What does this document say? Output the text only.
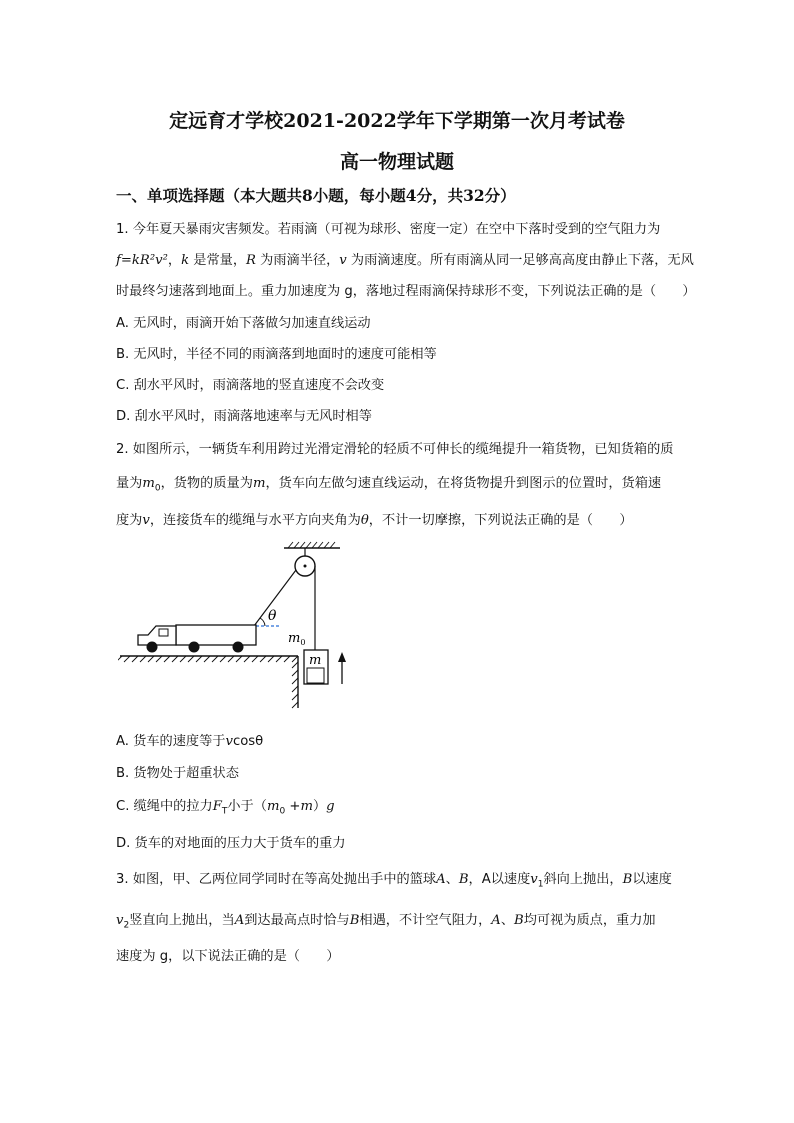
定远育才学校2021-2022学年下学期第一次月考试卷
高一物理试题
一、单项选择题（本大题共8小题，每小题4分，共32分）
1. 今年夏天暴雨灾害频发。若雨滴（可视为球形、密度一定）在空中下落时受到的空气阻力为
f=kR²v²，k 是常量，R 为雨滴半径，v 为雨滴速度。所有雨滴从同一足够高高度由静止下落，无风
时最终匀速落到地面上。重力加速度为 g，落地过程雨滴保持球形不变，下列说法正确的是（　　）
A. 无风时，雨滴开始下落做匀加速直线运动
B. 无风时，半径不同的雨滴落到地面时的速度可能相等
C. 刮水平风时，雨滴落地的竖直速度不会改变
D. 刮水平风时，雨滴落地速率与无风时相等
2. 如图所示，一辆货车利用跨过光滑定滑轮的轻质不可伸长的缆绳提升一箱货物，已知货箱的质
量为$m_0$，货物的质量为m，货车向左做匀速直线运动，在将货物提升到图示的位置时，货箱速
度为v，连接货车的缆绳与水平方向夹角为θ，不计一切摩擦，下列说法正确的是（　　）
θ
$m_0$
m
A. 货车的速度等于vcosθ
B. 货物处于超重状态
C. 缆绳中的拉力$F_T$小于$(m_0 +m)g$
D. 货车的对地面的压力大于货车的重力
3. 如图，甲、乙两位同学同时在等高处抛出手中的篮球A、B，A以速度$v_1$斜向上抛出，B以速度
$v_2$竖直向上抛出，当A到达最高点时恰与B相遇，不计空气阻力，A、B均可视为质点，重力加
速度为 g，以下说法正确的是（　　）
